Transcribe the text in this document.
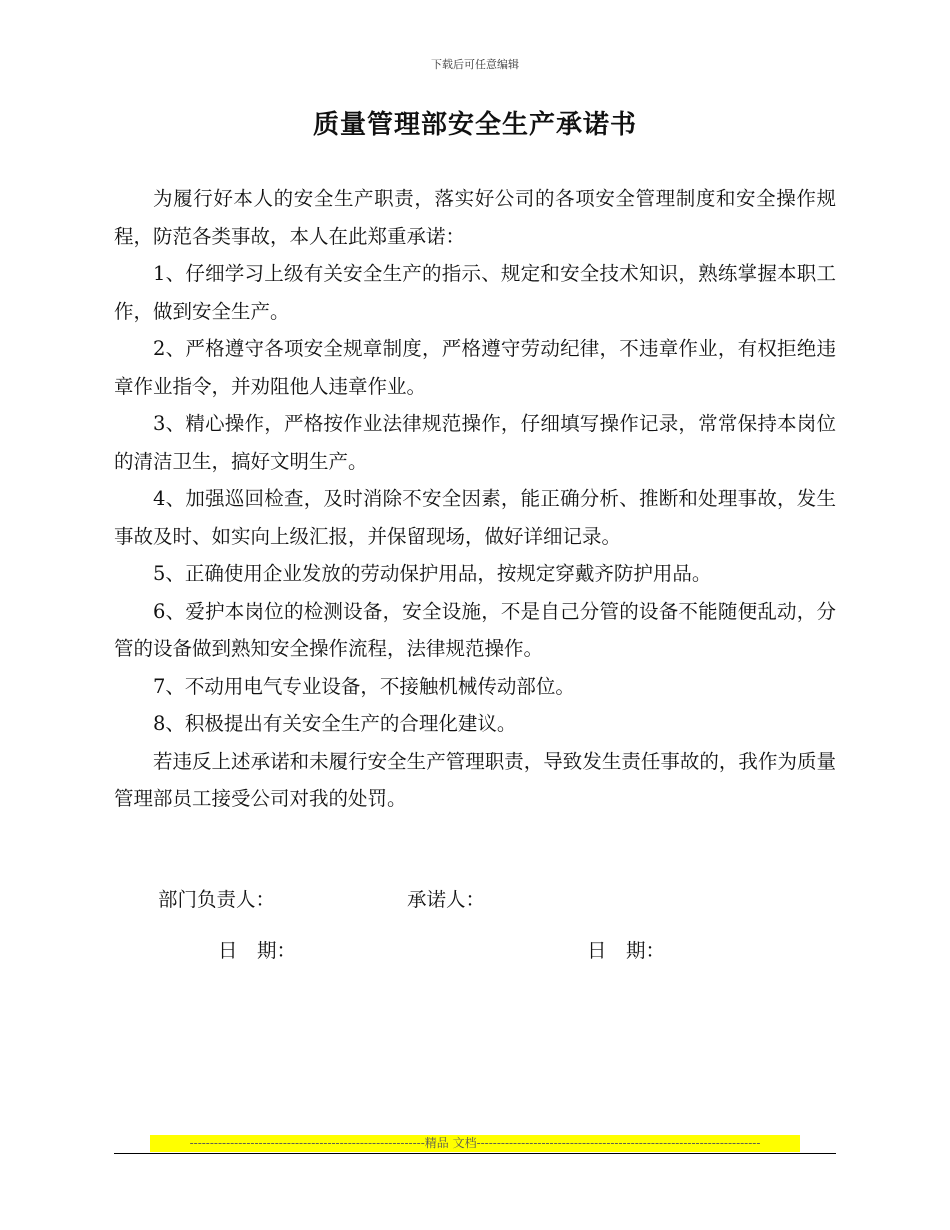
下载后可任意编辑
质量管理部安全生产承诺书

为履行好本人的安全生产职责，落实好公司的各项安全管理制度和安全操作规程，防范各类事故，本人在此郑重承诺：

1、仔细学习上级有关安全生产的指示、规定和安全技术知识，熟练掌握本职工作，做到安全生产。

2、严格遵守各项安全规章制度，严格遵守劳动纪律，不违章作业，有权拒绝违章作业指令，并劝阻他人违章作业。

3、精心操作，严格按作业法律规范操作，仔细填写操作记录，常常保持本岗位的清洁卫生，搞好文明生产。

4、加强巡回检查，及时消除不安全因素，能正确分析、推断和处理事故，发生事故及时、如实向上级汇报，并保留现场，做好详细记录。

5、正确使用企业发放的劳动保护用品，按规定穿戴齐防护用品。

6、爱护本岗位的检测设备，安全设施，不是自己分管的设备不能随便乱动，分管的设备做到熟知安全操作流程，法律规范操作。

7、不动用电气专业设备，不接触机械传动部位。

8、积极提出有关安全生产的合理化建议。

若违反上述承诺和未履行安全生产管理职责，导致发生责任事故的，我作为质量管理部员工接受公司对我的处罚。

部门负责人：	承诺人：
日　期：	日　期：
----------------------------------------------------------精品 文档----------------------------------------------------------------------
